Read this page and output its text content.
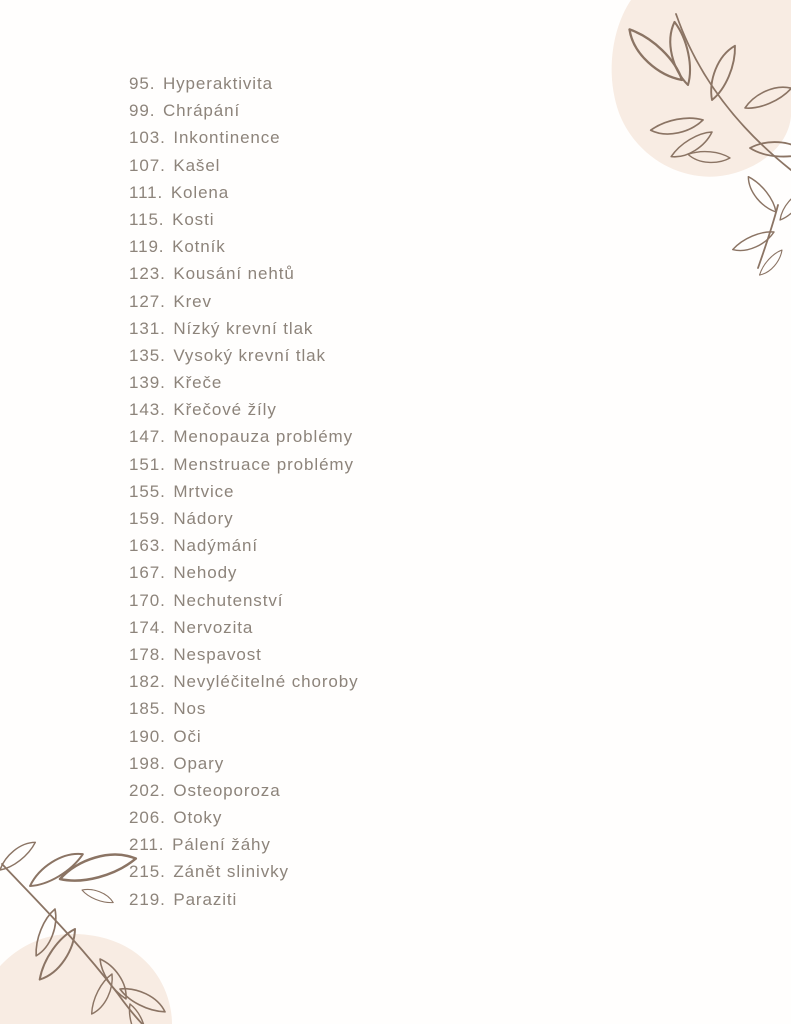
95. Hyperaktivita
99. Chrápání
103. Inkontinence
107. Kašel
111. Kolena
115. Kosti
119. Kotník
123. Kousání nehtů
127. Krev
131. Nízký krevní tlak
135. Vysoký krevní tlak
139. Křeče
143. Křečové žíly
147. Menopauza problémy
151. Menstruace problémy
155. Mrtvice
159. Nádory
163. Nadýmání
167. Nehody
170. Nechutenství
174. Nervozita
178. Nespavost
182. Nevyléčitelné choroby
185. Nos
190. Oči
198. Opary
202. Osteoporoza
206. Otoky
211. Pálení žáhy
215. Zánět slinivky
219. Paraziti
